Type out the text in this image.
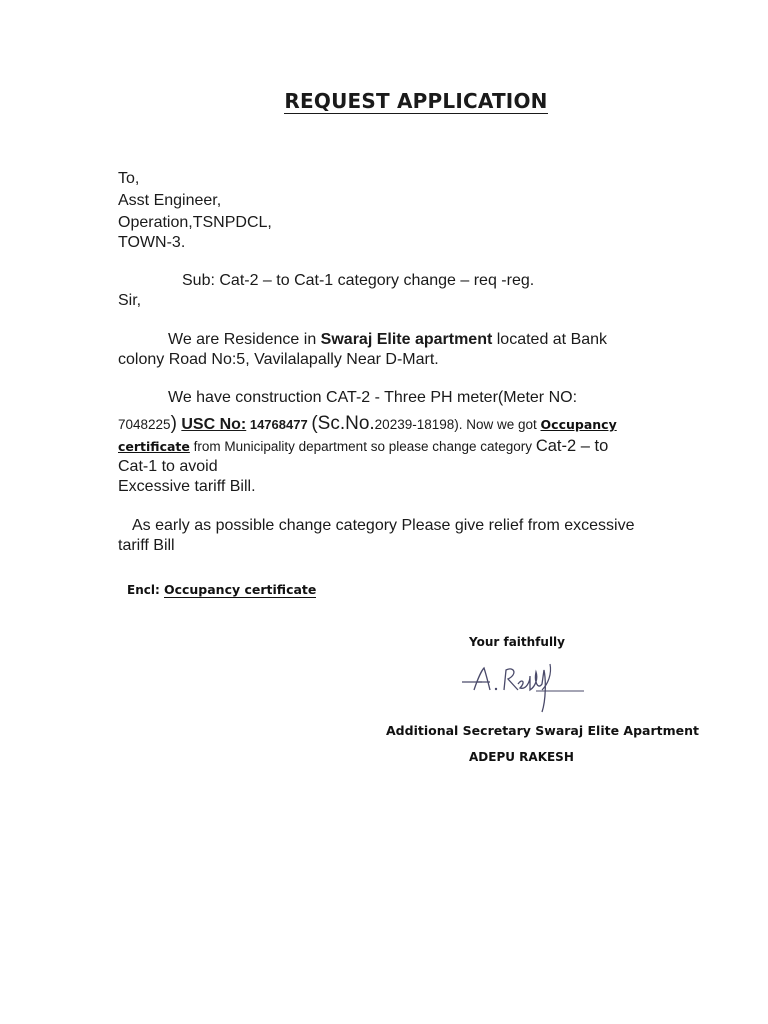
REQUEST APPLICATION
To,
Asst Engineer,
Operation,TSNPDCL,
TOWN-3.
Sub: Cat-2 – to Cat-1 category change – req -reg.
Sir,
We are Residence in Swaraj Elite apartment located at Bank
colony Road No:5, Vavilalapally Near D-Mart.
We have construction CAT-2 - Three PH meter(Meter NO:
7048225) USC No: 14768477 (Sc.No.20239-18198). Now we got Occupancy
certificate from Municipality department so please change category Cat-2 – to
Cat-1 to avoid
Excessive tariff Bill.
As early as possible change category Please give relief from excessive
tariff Bill
Encl: Occupancy certificate
Your faithfully
Additional Secretary Swaraj Elite Apartment
ADEPU RAKESH
